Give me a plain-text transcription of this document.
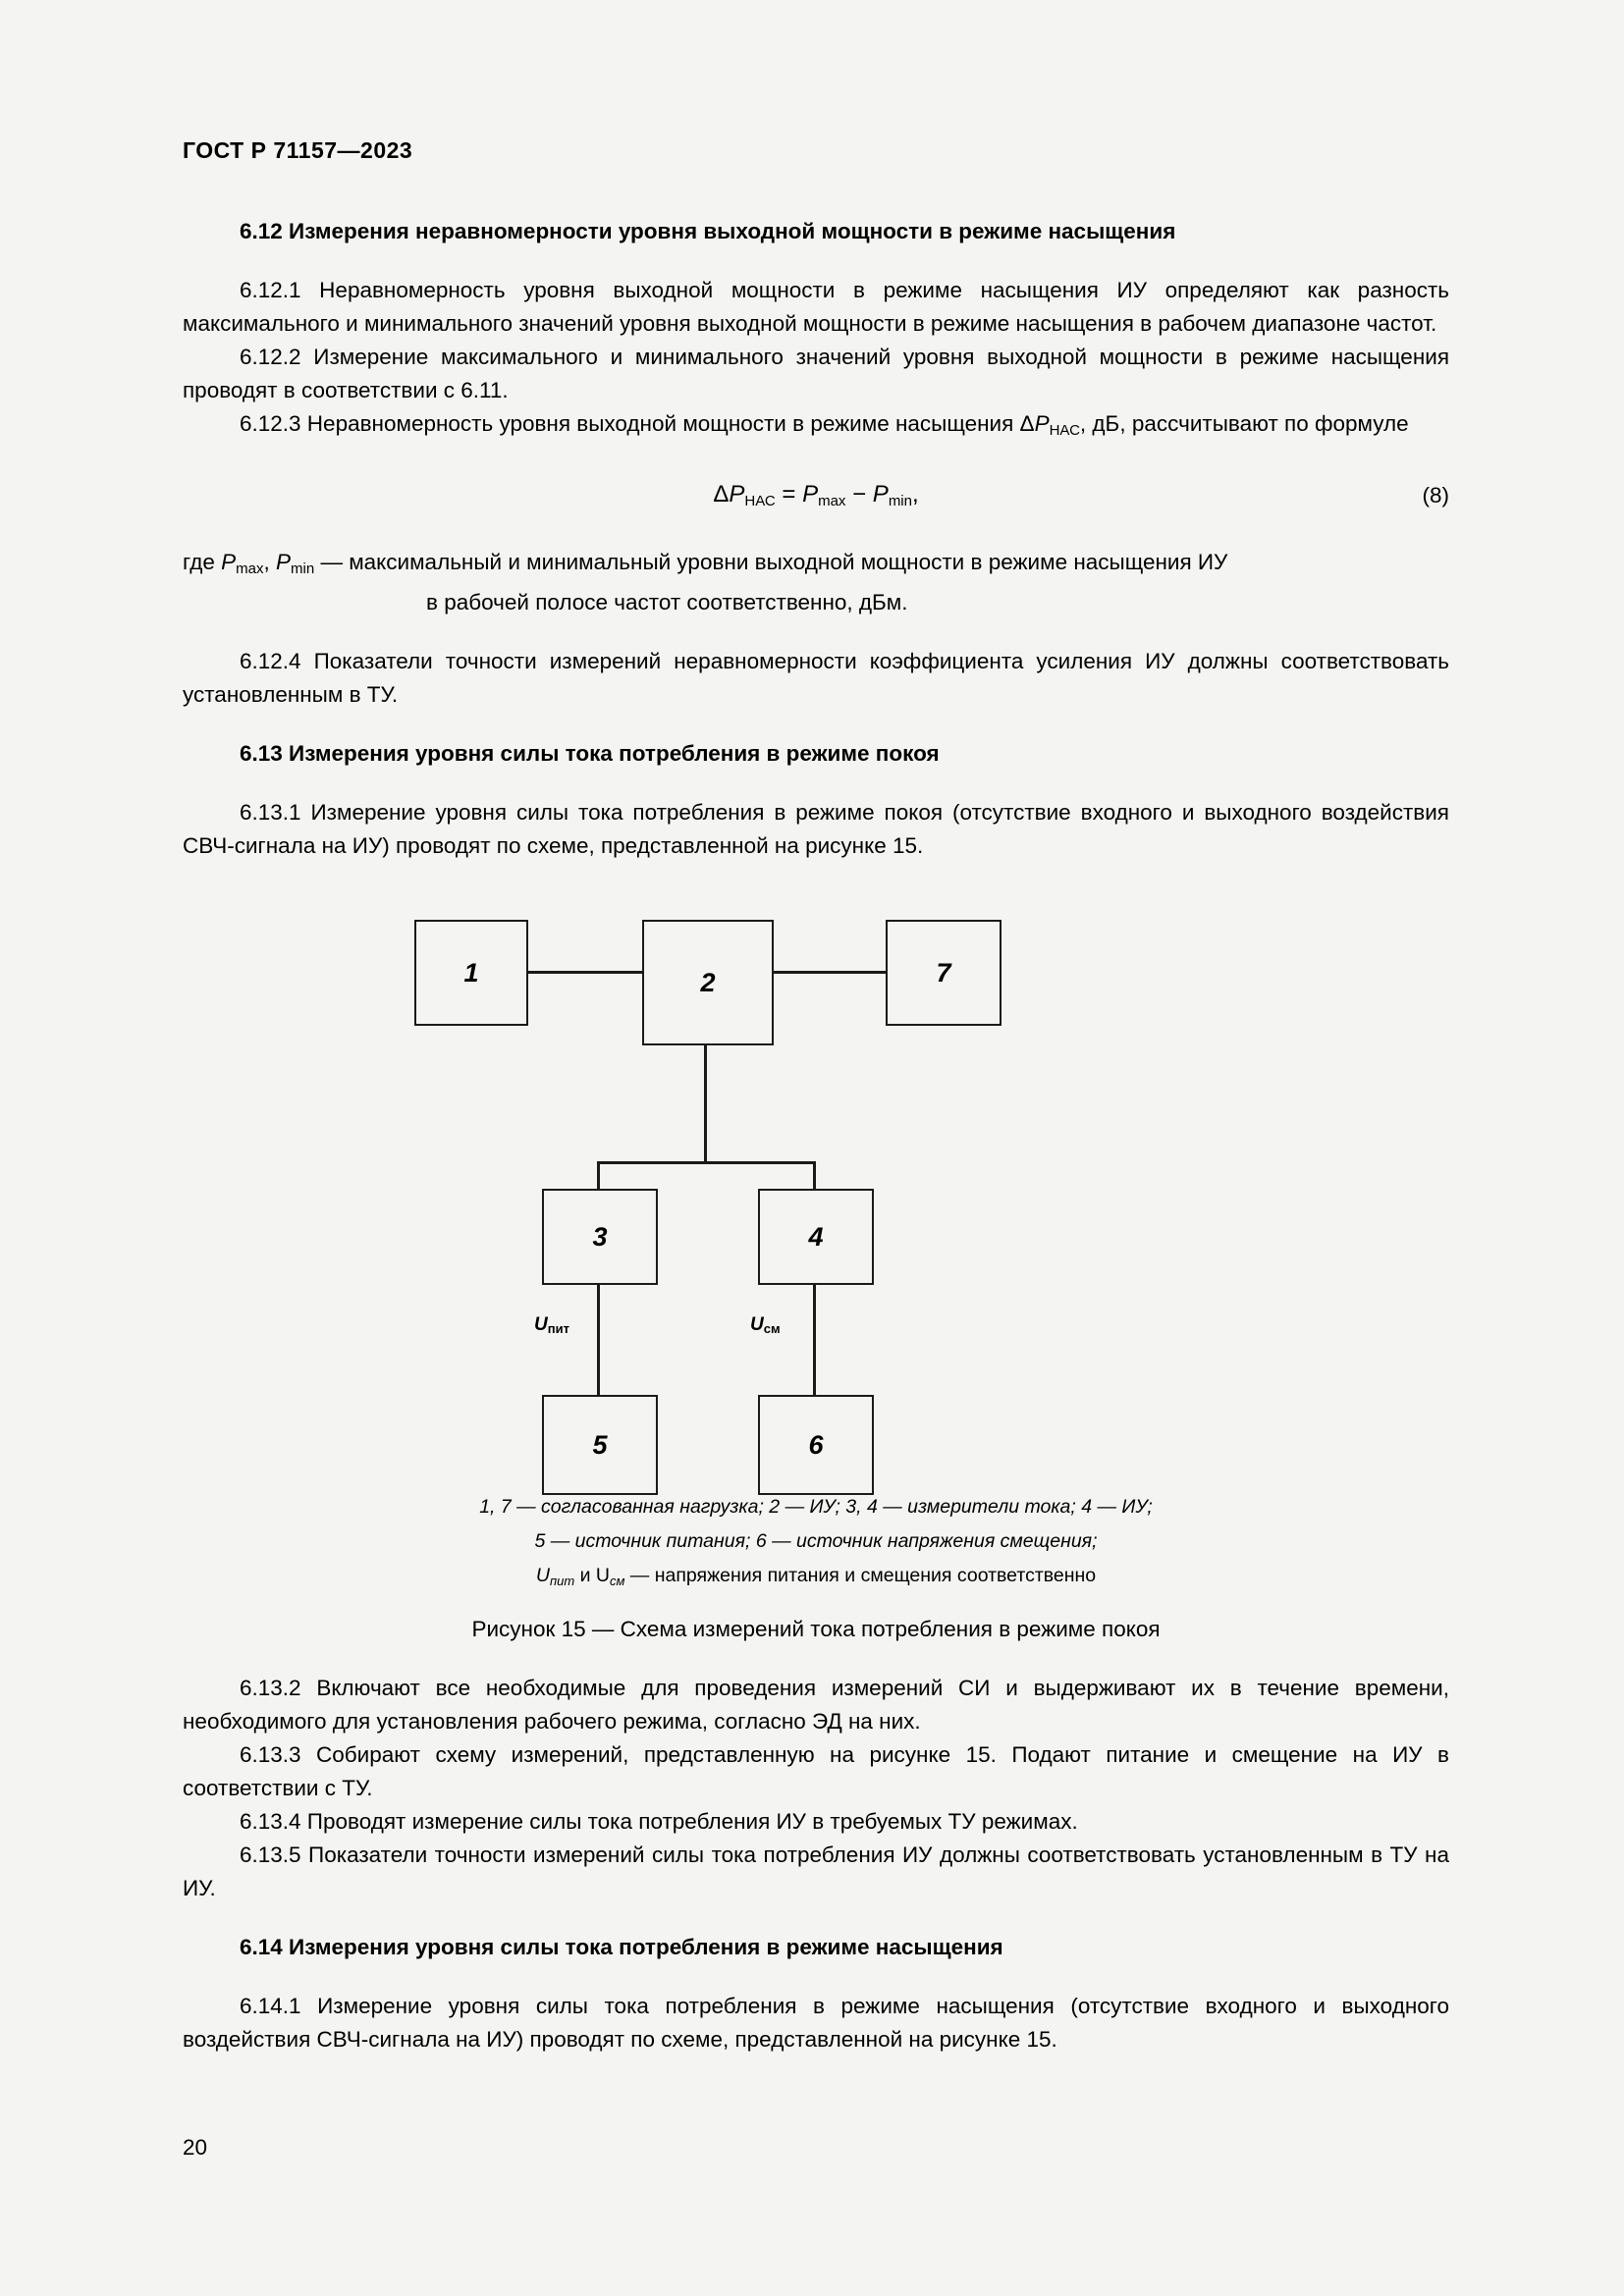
ГОСТ Р 71157—2023
6.12 Измерения неравномерности уровня выходной мощности в режиме насыщения

6.12.1 Неравномерность уровня выходной мощности в режиме насыщения ИУ определяют как разность максимального и минимального значений уровня выходной мощности в режиме насыщения в рабочем диапазоне частот.

6.12.2 Измерение максимального и минимального значений уровня выходной мощности в режиме насыщения проводят в соответствии с 6.11.

6.12.3 Неравномерность уровня выходной мощности в режиме насыщения $\Delta P_{НАС}$, дБ, рассчитывают по формуле

$\Delta P_{НАС} = P_{max} - P_{min}$,	(8)
где $P_{max}$, $P_{min}$ — максимальный и минимальный уровни выходной мощности в режиме насыщения ИУ
в рабочей полосе частот соответственно, дБм.

6.12.4 Показатели точности измерений неравномерности коэффициента усиления ИУ должны соответствовать установленным в ТУ.

6.13 Измерения уровня силы тока потребления в режиме покоя

6.13.1 Измерение уровня силы тока потребления в режиме покоя (отсутствие входного и выходного воздействия СВЧ-сигнала на ИУ) проводят по схеме, представленной на рисунке 15.

1	2	7
3	4
5	6
Uпит	Uсм
1, 7 — согласованная нагрузка; 2 — ИУ; 3, 4 — измерители тока; 4 — ИУ;
5 — источник питания; 6 — источник напряжения смещения;
$U_{пит}$ и $U_{см}$ — напряжения питания и смещения соответственно
Рисунок 15 — Схема измерений тока потребления в режиме покоя

6.13.2 Включают все необходимые для проведения измерений СИ и выдерживают их в течение времени, необходимого для установления рабочего режима, согласно ЭД на них.

6.13.3 Собирают схему измерений, представленную на рисунке 15. Подают питание и смещение на ИУ в соответствии с ТУ.

6.13.4 Проводят измерение силы тока потребления ИУ в требуемых ТУ режимах.

6.13.5 Показатели точности измерений силы тока потребления ИУ должны соответствовать установленным в ТУ на ИУ.

6.14 Измерения уровня силы тока потребления в режиме насыщения

6.14.1 Измерение уровня силы тока потребления в режиме насыщения (отсутствие входного и выходного воздействия СВЧ-сигнала на ИУ) проводят по схеме, представленной на рисунке 15.

20
